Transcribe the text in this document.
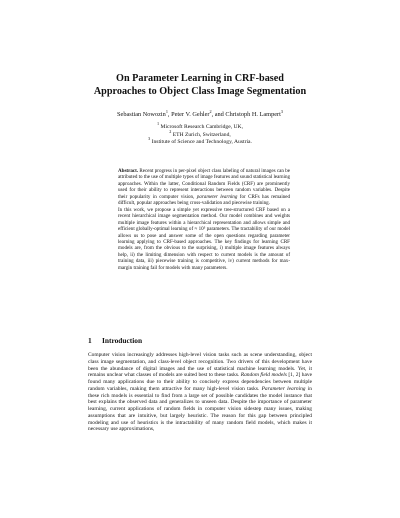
On Parameter Learning in CRF-based
Approaches to Object Class Image Segmentation
Sebastian Nowozin$^1$, Peter V. Gehler$^2$, and Christoph H. Lampert$^3$
$^1$ Microsoft Research Cambridge, UK,
$^2$ ETH Zurich, Switzerland,
$^3$ Institute of Science and Technology, Austria.

Abstract. Recent progress in per-pixel object class labeling of natural images can be attributed to the use of multiple types of image features and sound statistical learning approaches. Within the latter, Conditional Random Fields (CRF) are prominently used for their ability to represent interactions between random variables. Despite their popularity in computer vision, parameter learning for CRFs has remained difficult, popular approaches being cross-validation and piecewise training.

In this work, we propose a simple yet expressive tree-structured CRF based on a recent hierarchical image segmentation method. Our model combines and weights multiple image features within a hierarchical representation and allows simple and efficient globally-optimal learning of ≈ 10⁵ parameters. The tractability of our model allows us to pose and answer some of the open questions regarding parameter learning applying to CRF-based approaches. The key findings for learning CRF models are, from the obvious to the surprising, i) multiple image features always help, ii) the limiting dimension with respect to current models is the amount of training data, iii) piecewise training is competitive, iv) current methods for max-margin training fail for models with many parameters.

1 Introduction

Computer vision increasingly addresses high-level vision tasks such as scene understanding, object class image segmentation, and class-level object recognition. Two drivers of this development have been the abundance of digital images and the use of statistical machine learning models. Yet, it remains unclear what classes of models are suited best to these tasks. Random field models [1, 2] have found many applications due to their ability to concisely express dependencies between multiple random variables, making them attractive for many high-level vision tasks. Parameter learning in these rich models is essential to find from a large set of possible candidates the model instance that best explains the observed data and generalizes to unseen data. Despite the importance of parameter learning, current applications of random fields in computer vision sidestep many issues, making assumptions that are intuitive, but largely heuristic. The reason for this gap between principled modeling and use of heuristics is the intractability of many random field models, which makes it necessary use approximations,
